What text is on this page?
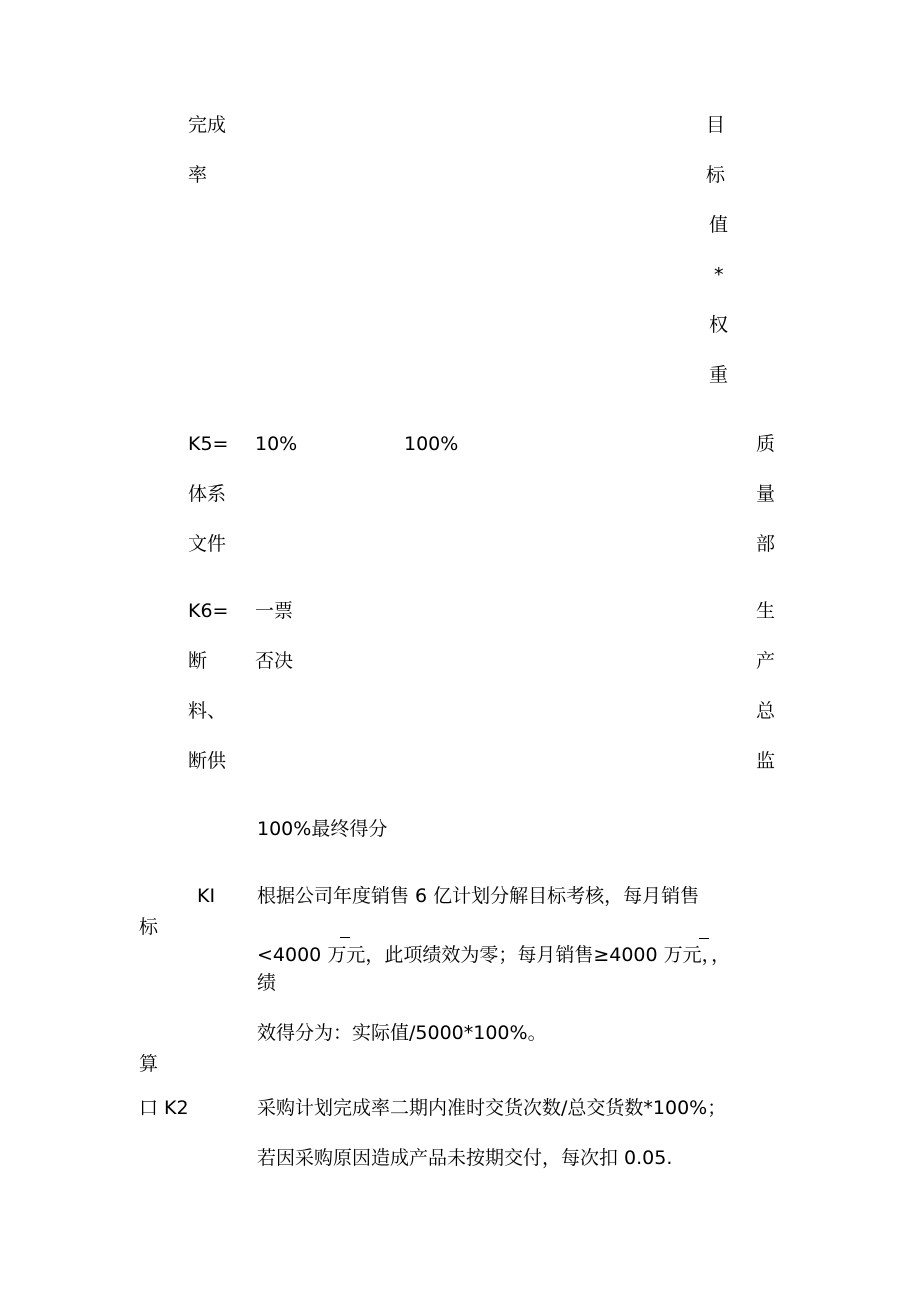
完成
率
目
标
值
*
权
重
K5=
体系
文件
10%	100%	质
量
部
K6=
断
料、
断供
一票
否决
生
产
总
监
100%最终得分
KI
标
算
口 K2
根据公司年度销售 6 亿计划分解目标考核，每月销售
<4000 万元，此项绩效为零；每月销售≥4000 万元，，
绩
效得分为：实际值/5000*100%。
采购计划完成率二期内准时交货次数/总交货数*100%；
若因采购原因造成产品未按期交付，每次扣 0.05.
